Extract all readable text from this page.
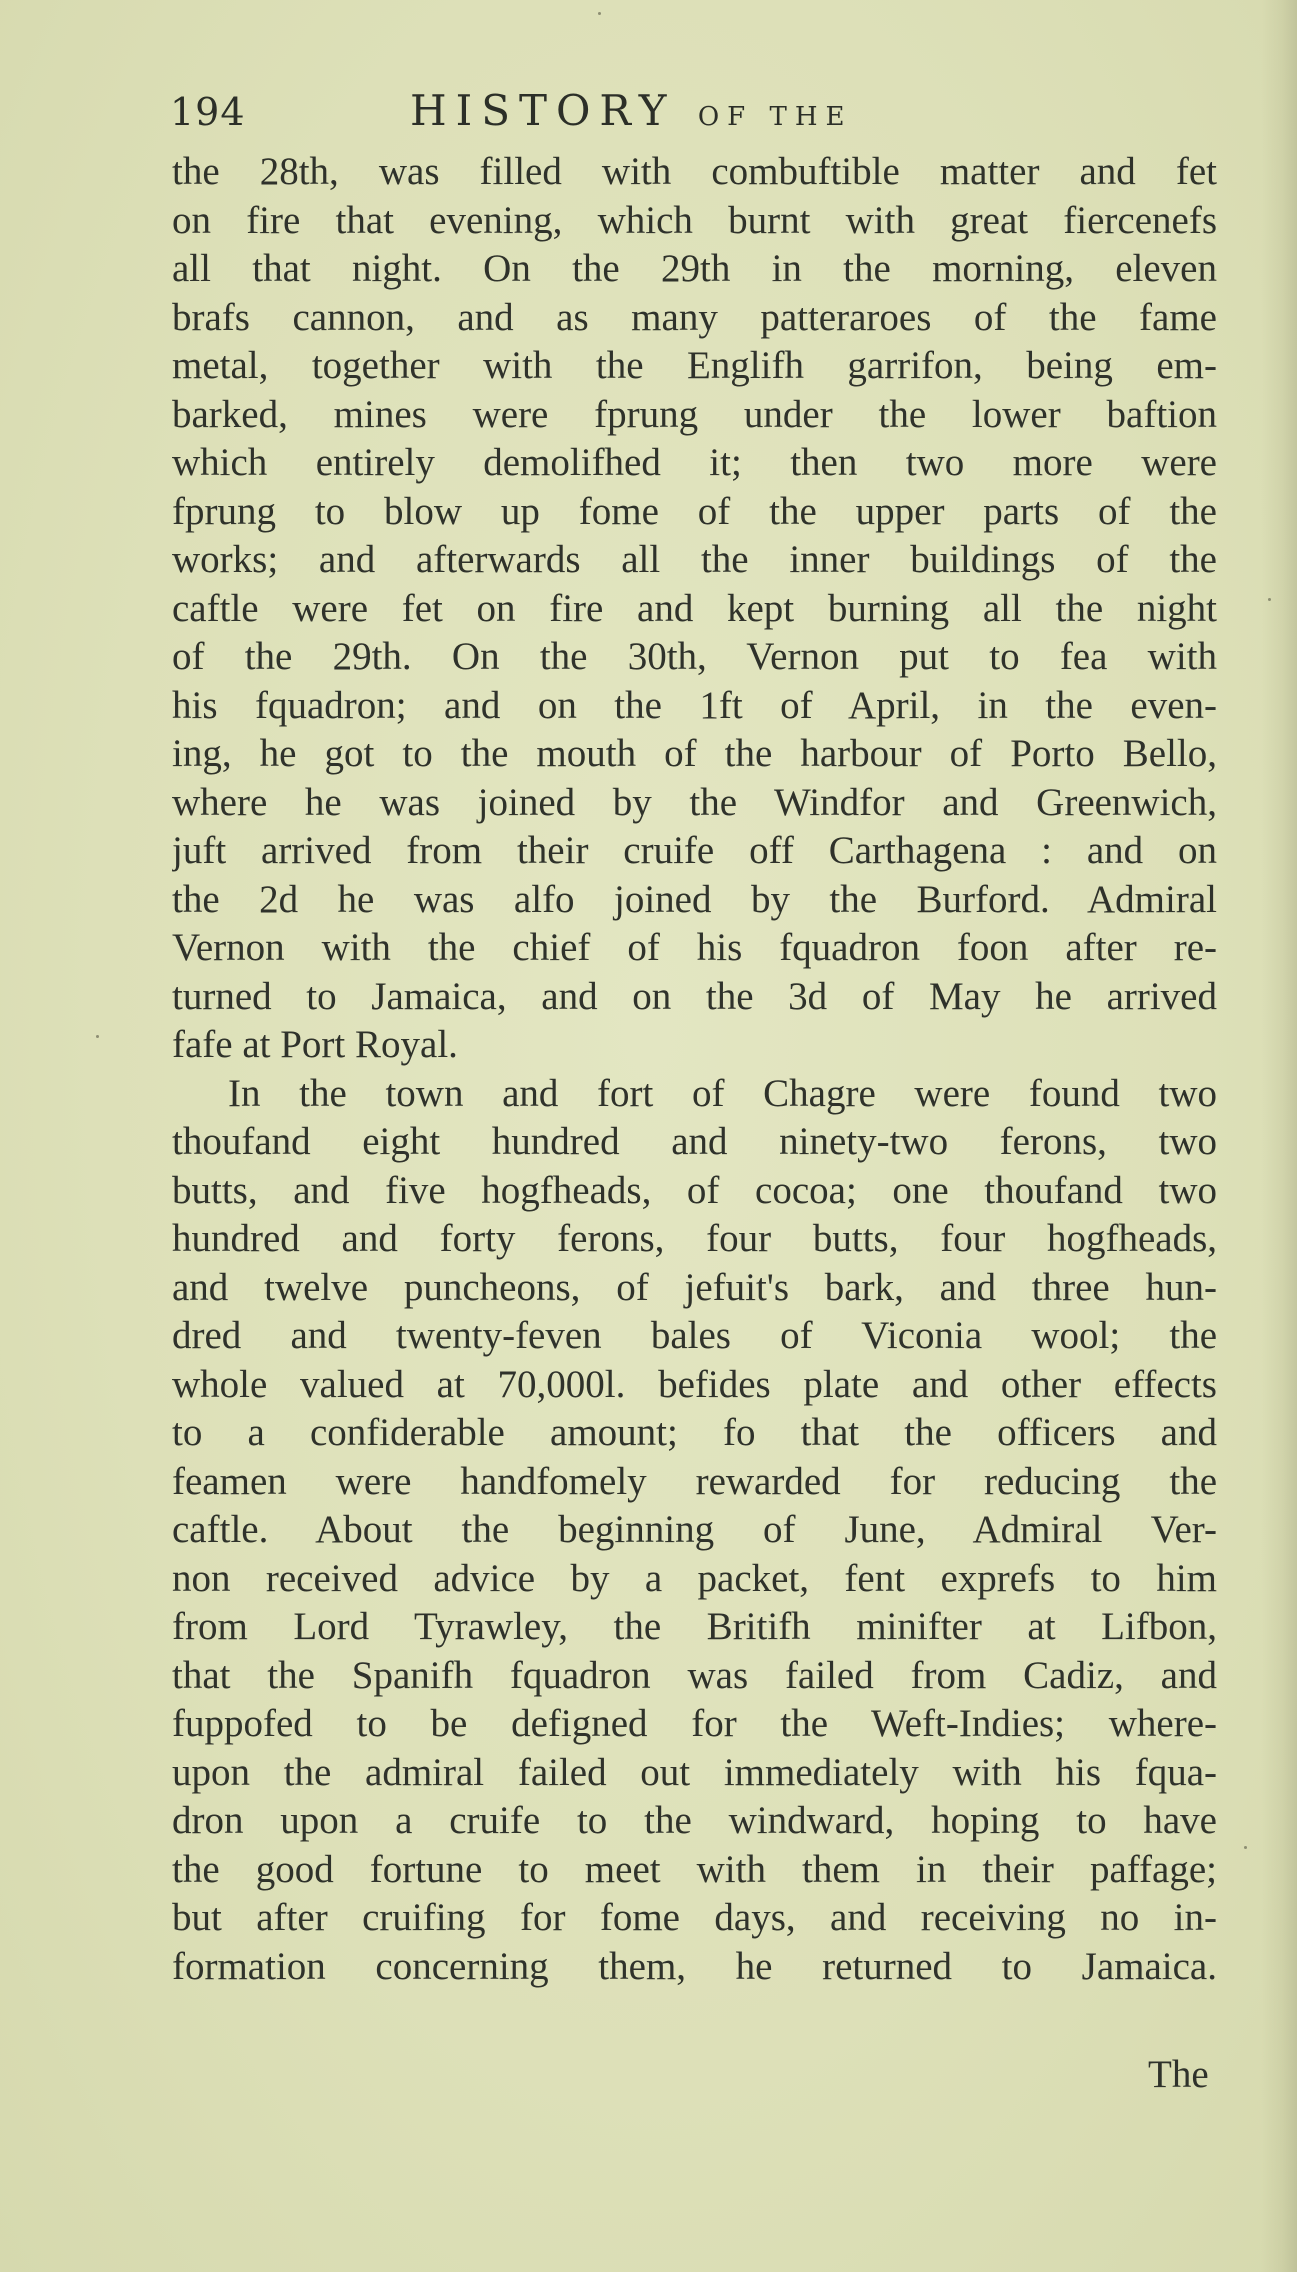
194	HISTORY OF THE
the 28th, was filled with combuftible matter and fet
on fire that evening, which burnt with great fiercenefs
all that night. On the 29th in the morning, eleven
brafs cannon, and as many patteraroes of the fame
metal, together with the Englifh garrifon, being em-
barked, mines were fprung under the lower baftion
which entirely demolifhed it; then two more were
fprung to blow up fome of the upper parts of the
works; and afterwards all the inner buildings of the
caftle were fet on fire and kept burning all the night
of the 29th. On the 30th, Vernon put to fea with
his fquadron; and on the 1ft of April, in the even-
ing, he got to the mouth of the harbour of Porto Bello,
where he was joined by the Windfor and Greenwich,
juft arrived from their cruife off Carthagena : and on
the 2d he was alfo joined by the Burford. Admiral
Vernon with the chief of his fquadron foon after re-
turned to Jamaica, and on the 3d of May he arrived
fafe at Port Royal.
In the town and fort of Chagre were found two
thoufand eight hundred and ninety-two ferons, two
butts, and five hogfheads, of cocoa; one thoufand two
hundred and forty ferons, four butts, four hogfheads,
and twelve puncheons, of jefuit's bark, and three hun-
dred and twenty-feven bales of Viconia wool; the
whole valued at 70,000l. befides plate and other effects
to a confiderable amount; fo that the officers and
feamen were handfomely rewarded for reducing the
caftle. About the beginning of June, Admiral Ver-
non received advice by a packet, fent exprefs to him
from Lord Tyrawley, the Britifh minifter at Lifbon,
that the Spanifh fquadron was failed from Cadiz, and
fuppofed to be defigned for the Weft-Indies; where-
upon the admiral failed out immediately with his fqua-
dron upon a cruife to the windward, hoping to have
the good fortune to meet with them in their paffage;
but after cruifing for fome days, and receiving no in-
formation concerning them, he returned to Jamaica.
The
